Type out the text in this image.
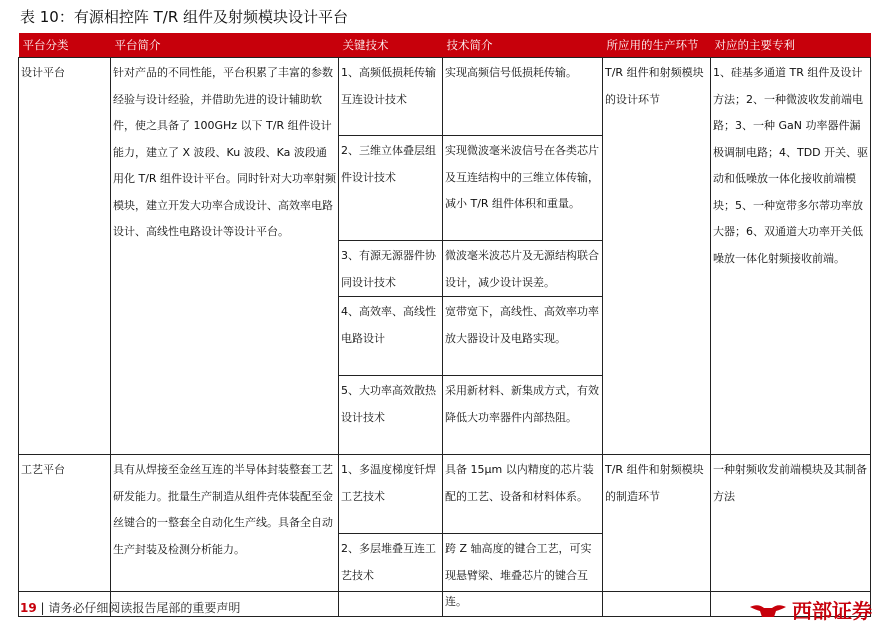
表 10：有源相控阵 T/R 组件及射频模块设计平台
平台分类	平台简介	关键技术	技术简介	所应用的生产环节	对应的主要专利
设计平台	针对产品的不同性能，平台积累了丰富的参数经验与设计经验，并借助先进的设计辅助软件，使之具备了 100GHz 以下 T/R 组件设计能力，建立了 X 波段、Ku 波段、Ka 波段通用化 T/R 组件设计平台。同时针对大功率射频模块，建立开发大功率合成设计、高效率电路设计、高线性电路设计等设计平台。	1、高频低损耗传输互连设计技术	实现高频信号低损耗传输。	T/R 组件和射频模块的设计环节	1、硅基多通道 TR 组件及设计方法；2、一种微波收发前端电路；3、一种 GaN 功率器件漏极调制电路；4、TDD 开关、驱动和低噪放一体化接收前端模块；5、一种宽带多尔蒂功率放大器；6、双通道大功率开关低噪放一体化射频接收前端。
		2、三维立体叠层组件设计技术	实现微波毫米波信号在各类芯片及互连结构中的三维立体传输，减小 T/R 组件体积和重量。		
		3、有源无源器件协同设计技术	微波毫米波芯片及无源结构联合设计，减少设计误差。		
		4、高效率、高线性电路设计	宽带宽下，高线性、高效率功率放大器设计及电路实现。		
		5、大功率高效散热设计技术	采用新材料、新集成方式，有效降低大功率器件内部热阻。		
工艺平台	具有从焊接至金丝互连的半导体封装整套工艺研发能力。批量生产制造从组件壳体装配至金丝键合的一整套全自动化生产线。具备全自动生产封装及检测分析能力。	1、多温度梯度钎焊工艺技术	具备 15μm 以内精度的芯片装配的工艺、设备和材料体系。	T/R 组件和射频模块的制造环节	一种射频收发前端模块及其制备方法
		2、多层堆叠互连工艺技术	跨 Z 轴高度的键合工艺，可实现悬臂梁、堆叠芯片的键合互连。		
19 | 请务必仔细阅读报告尾部的重要声明	西部证券
